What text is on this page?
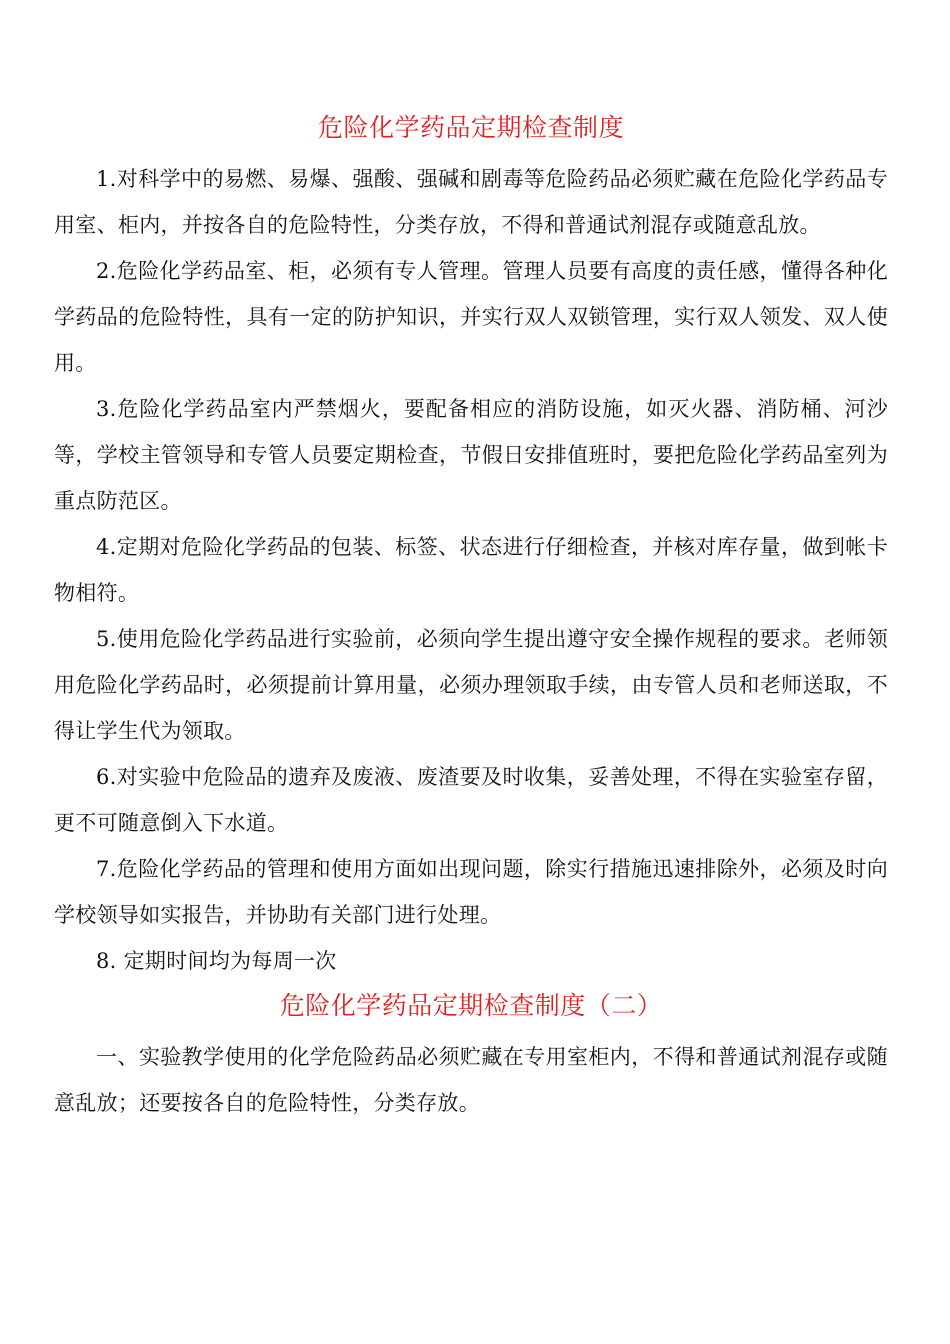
危险化学药品定期检查制度

1.对科学中的易燃、易爆、强酸、强碱和剧毒等危险药品必须贮藏在危险化学药品专用室、柜内，并按各自的危险特性，分类存放，不得和普通试剂混存或随意乱放。

2.危险化学药品室、柜，必须有专人管理。管理人员要有高度的责任感，懂得各种化学药品的危险特性，具有一定的防护知识，并实行双人双锁管理，实行双人领发、双人使用。

3.危险化学药品室内严禁烟火，要配备相应的消防设施，如灭火器、消防桶、河沙等，学校主管领导和专管人员要定期检查，节假日安排值班时，要把危险化学药品室列为重点防范区。

4.定期对危险化学药品的包装、标签、状态进行仔细检查，并核对库存量，做到帐卡物相符。

5.使用危险化学药品进行实验前，必须向学生提出遵守安全操作规程的要求。老师领用危险化学药品时，必须提前计算用量，必须办理领取手续，由专管人员和老师送取，不得让学生代为领取。

6.对实验中危险品的遗弃及废液、废渣要及时收集，妥善处理，不得在实验室存留，更不可随意倒入下水道。

7.危险化学药品的管理和使用方面如出现问题，除实行措施迅速排除外，必须及时向学校领导如实报告，并协助有关部门进行处理。

8. 定期时间均为每周一次

危险化学药品定期检查制度（二）

一、实验教学使用的化学危险药品必须贮藏在专用室柜内，不得和普通试剂混存或随意乱放；还要按各自的危险特性，分类存放。
